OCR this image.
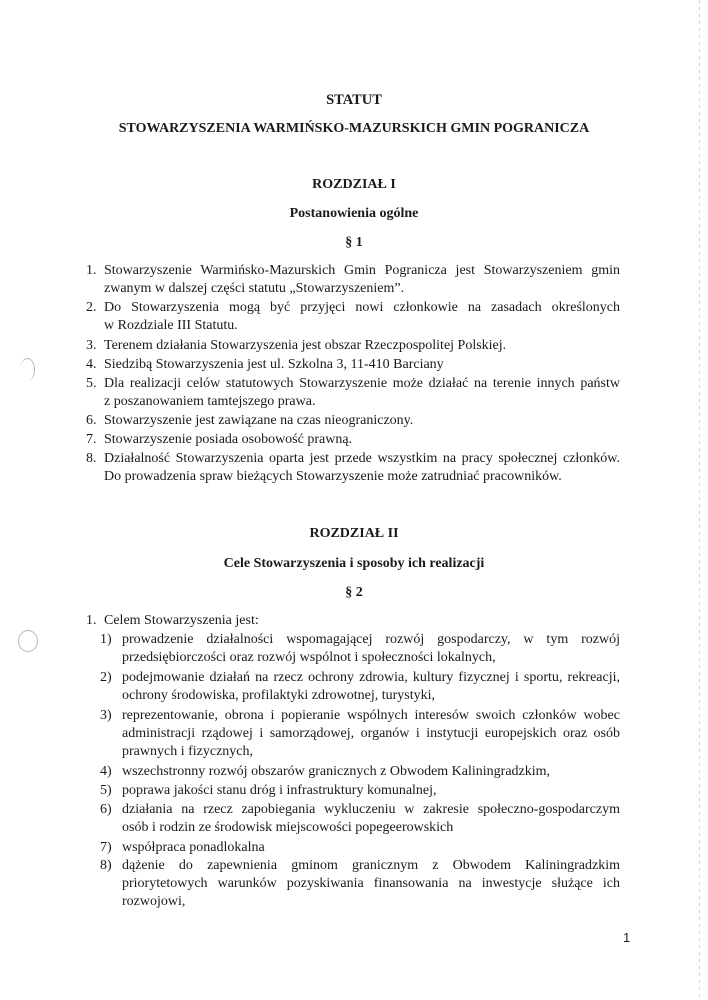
STATUT
STOWARZYSZENIA WARMIŃSKO-MAZURSKICH GMIN POGRANICZA
ROZDZIAŁ I
Postanowienia ogólne
§ 1
1. Stowarzyszenie Warmińsko-Mazurskich Gmin Pogranicza jest Stowarzyszeniem gmin
zwanym w dalszej części statutu „Stowarzyszeniem”.
2. Do Stowarzyszenia mogą być przyjęci nowi członkowie na zasadach określonych
w Rozdziale III Statutu.
3. Terenem działania Stowarzyszenia jest obszar Rzeczpospolitej Polskiej.
4. Siedzibą Stowarzyszenia jest ul. Szkolna 3, 11-410 Barciany
5. Dla realizacji celów statutowych Stowarzyszenie może działać na terenie innych państw
z poszanowaniem tamtejszego prawa.
6. Stowarzyszenie jest zawiązane na czas nieograniczony.
7. Stowarzyszenie posiada osobowość prawną.
8. Działalność Stowarzyszenia oparta jest przede wszystkim na pracy społecznej członków.
Do prowadzenia spraw bieżących Stowarzyszenie może zatrudniać pracowników.
ROZDZIAŁ II
Cele Stowarzyszenia i sposoby ich realizacji
§ 2
1. Celem Stowarzyszenia jest:
1) prowadzenie działalności wspomagającej rozwój gospodarczy, w tym rozwój
przedsiębiorczości oraz rozwój wspólnot i społeczności lokalnych,
2) podejmowanie działań na rzecz ochrony zdrowia, kultury fizycznej i sportu, rekreacji,
ochrony środowiska, profilaktyki zdrowotnej, turystyki,
3) reprezentowanie, obrona i popieranie wspólnych interesów swoich członków wobec
administracji rządowej i samorządowej, organów i instytucji europejskich oraz osób
prawnych i fizycznych,
4) wszechstronny rozwój obszarów granicznych z Obwodem Kaliningradzkim,
5) poprawa jakości stanu dróg i infrastruktury komunalnej,
6) działania na rzecz zapobiegania wykluczeniu w zakresie społeczno-gospodarczym
osób i rodzin ze środowisk miejscowości popegeerowskich
7) współpraca ponadlokalna
8) dążenie do zapewnienia gminom granicznym z Obwodem Kaliningradzkim
priorytetowych warunków pozyskiwania finansowania na inwestycje służące ich
rozwojowi,
1
